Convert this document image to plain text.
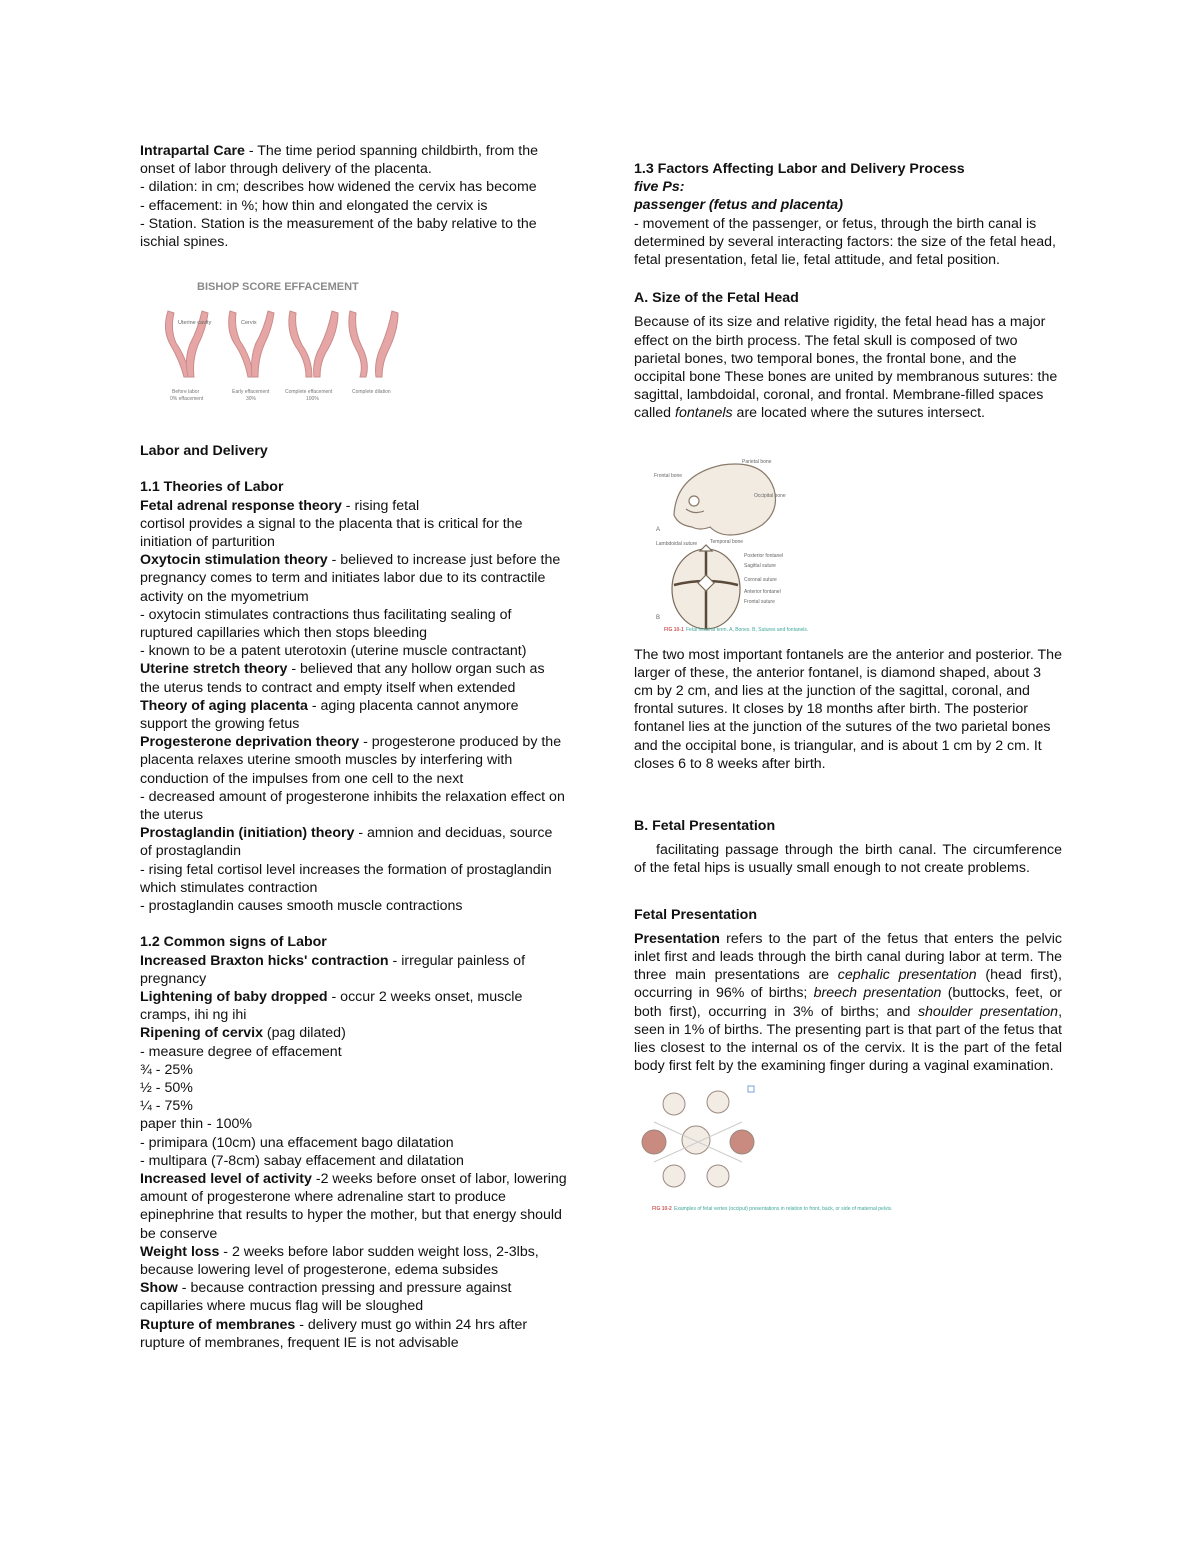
Intrapartal Care - The time period spanning childbirth, from the onset of labor through delivery of the placenta.

- dilation: in cm; describes how widened the cervix has become

- effacement: in %; how thin and elongated the cervix is

- Station. Station is the measurement of the baby relative to the ischial spines.

BISHOP SCORE EFFACEMENT
Uterine cavity	Cervix
Before labor
0% effacement
Early effacement
30%
Complete effacement
100%
Complete dilation

Labor and Delivery

1.1 Theories of Labor

Fetal adrenal response theory - rising fetal

cortisol provides a signal to the placenta that is critical for the initiation of parturition

Oxytocin stimulation theory - believed to increase just before the pregnancy comes to term and initiates labor due to its contractile activity on the myometrium

- oxytocin stimulates contractions thus facilitating sealing of ruptured capillaries which then stops bleeding

- known to be a patent uterotoxin (uterine muscle contractant)

Uterine stretch theory - believed that any hollow organ such as the uterus tends to contract and empty itself when extended

Theory of aging placenta - aging placenta cannot anymore support the growing fetus

Progesterone deprivation theory - progesterone produced by the placenta relaxes uterine smooth muscles by interfering with conduction of the impulses from one cell to the next

- decreased amount of progesterone inhibits the relaxation effect on the uterus

Prostaglandin (initiation) theory - amnion and deciduas, source of prostaglandin

- rising fetal cortisol level increases the formation of prostaglandin which stimulates contraction

- prostaglandin causes smooth muscle contractions

1.2 Common signs of Labor

Increased Braxton hicks' contraction - irregular painless of pregnancy

Lightening of baby dropped - occur 2 weeks onset, muscle cramps, ihi ng ihi

Ripening of cervix (pag dilated)

- measure degree of effacement

¾ - 25%

½ - 50%

¼ - 75%

paper thin - 100%

- primipara (10cm) una effacement bago dilatation

- multipara (7-8cm) sabay effacement and dilatation

Increased level of activity -2 weeks before onset of labor, lowering amount of progesterone where adrenaline start to produce epinephrine that results to hyper the mother, but that energy should be conserve

Weight loss - 2 weeks before labor sudden weight loss, 2-3lbs, because lowering level of progesterone, edema subsides

Show - because contraction pressing and pressure against capillaries where mucus flag will be sloughed

Rupture of membranes - delivery must go within 24 hrs after rupture of membranes, frequent IE is not advisable

1.3 Factors Affecting Labor and Delivery Process

five Ps:

passenger (fetus and placenta)

- movement of the passenger, or fetus, through the birth canal is determined by several interacting factors: the size of the fetal head, fetal presentation, fetal lie, fetal attitude, and fetal position.

A. Size of the Fetal Head

Because of its size and relative rigidity, the fetal head has a major effect on the birth process. The fetal skull is composed of two parietal bones, two temporal bones, the frontal bone, and the occipital bone These bones are united by membranous sutures: the sagittal, lambdoidal, coronal, and frontal. Membrane-filled spaces called fontanels are located where the sutures intersect.

Parietal bone
Frontal bone
Occipital bone
Temporal bone
A
Lambdoidal suture
Posterior fontanel
Sagittal suture
Coronal suture
Anterior fontanel
Frontal suture
B
FIG 10-1 Fetal head at term. A, Bones. B, Sutures and fontanels.

The two most important fontanels are the anterior and posterior. The larger of these, the anterior fontanel, is diamond shaped, about 3 cm by 2 cm, and lies at the junction of the sagittal, coronal, and frontal sutures. It closes by 18 months after birth. The posterior fontanel lies at the junction of the sutures of the two parietal bones and the occipital bone, is triangular, and is about 1 cm by 2 cm. It closes 6 to 8 weeks after birth.

B. Fetal Presentation

facilitating passage through the birth canal. The circumference of the fetal hips is usually small enough to not create problems.

Fetal Presentation

Presentation refers to the part of the fetus that enters the pelvic inlet first and leads through the birth canal during labor at term. The three main presentations are cephalic presentation (head first), occurring in 96% of births; breech presentation (buttocks, feet, or both first), occurring in 3% of births; and shoulder presentation, seen in 1% of births. The presenting part is that part of the fetus that lies closest to the internal os of the cervix. It is the part of the fetal body first felt by the examining finger during a vaginal examination.

FIG 10-2 Examples of fetal vertex (occiput) presentations in relation to front, back, or side of maternal pelvis.
